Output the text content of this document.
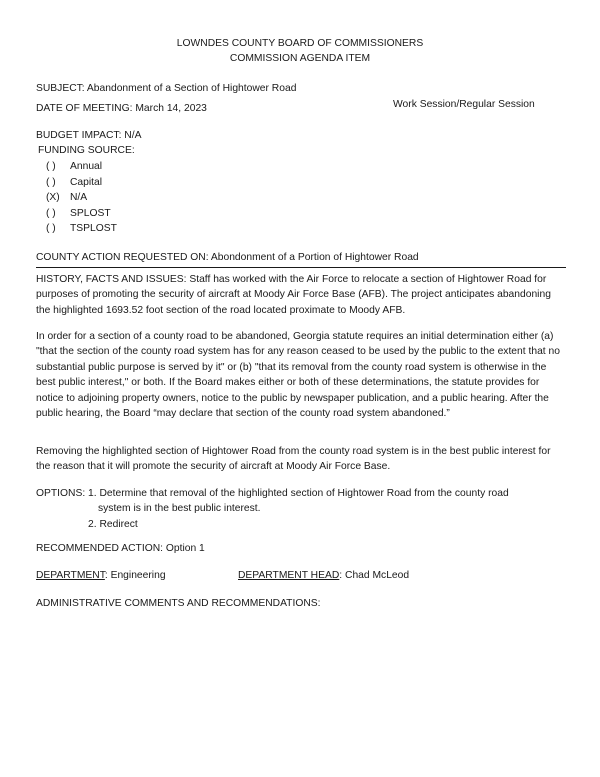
LOWNDES COUNTY BOARD OF COMMISSIONERS
COMMISSION AGENDA ITEM
SUBJECT: Abandonment of a Section of Hightower Road
DATE OF MEETING: March 14, 2023	Work Session/Regular Session
BUDGET IMPACT: N/A
FUNDING SOURCE:
( )	Annual
( )	Capital
(X) N/A
( )	SPLOST
( )	TSPLOST
COUNTY ACTION REQUESTED ON: Abondonment of a Portion of Hightower Road
HISTORY, FACTS AND ISSUES: Staff has worked with the Air Force to relocate a section of Hightower Road for purposes of promoting the security of aircraft at Moody Air Force Base (AFB). The project anticipates abandoning the highlighted 1693.52 foot section of the road located proximate to Moody AFB.
In order for a section of a county road to be abandoned, Georgia statute requires an initial determination either (a) "that the section of the county road system has for any reason ceased to be used by the public to the extent that no substantial public purpose is served by it" or (b) "that its removal from the county road system is otherwise in the best public interest," or both. If the Board makes either or both of these determinations, the statute provides for notice to adjoining property owners, notice to the public by newspaper publication, and a public hearing. After the public hearing, the Board “may declare that section of the county road system abandoned.”
Removing the highlighted section of Hightower Road from the county road system is in the best public interest for the reason that it will promote the security of aircraft at Moody Air Force Base.
OPTIONS: 1. Determine that removal of the highlighted section of Hightower Road from the county road
system is in the best public interest.
2. Redirect
RECOMMENDED ACTION: Option 1
DEPARTMENT: Engineering	DEPARTMENT HEAD: Chad McLeod
ADMINISTRATIVE COMMENTS AND RECOMMENDATIONS:
